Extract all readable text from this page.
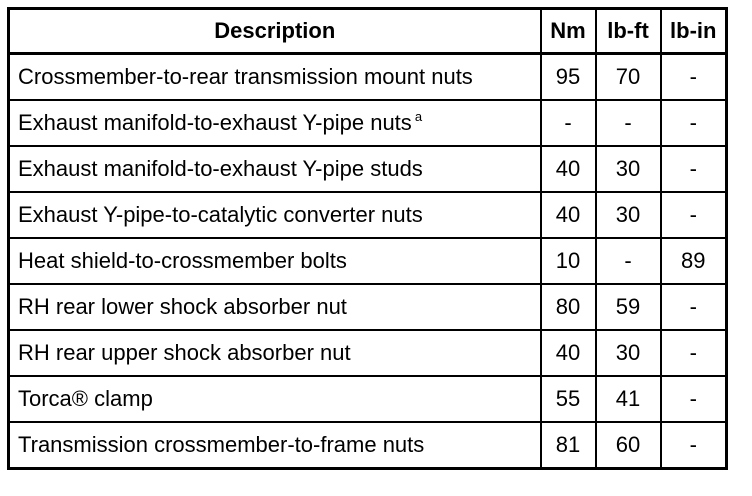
Description	Nm	lb-ft	lb-in
Crossmember-to-rear transmission mount nuts	95	70	-
Exhaust manifold-to-exhaust Y-pipe nuts $^a$	-	-	-
Exhaust manifold-to-exhaust Y-pipe studs	40	30	-
Exhaust Y-pipe-to-catalytic converter nuts	40	30	-
Heat shield-to-crossmember bolts	10	-	89
RH rear lower shock absorber nut	80	59	-
RH rear upper shock absorber nut	40	30	-
Torca® clamp	55	41	-
Transmission crossmember-to-frame nuts	81	60	-
